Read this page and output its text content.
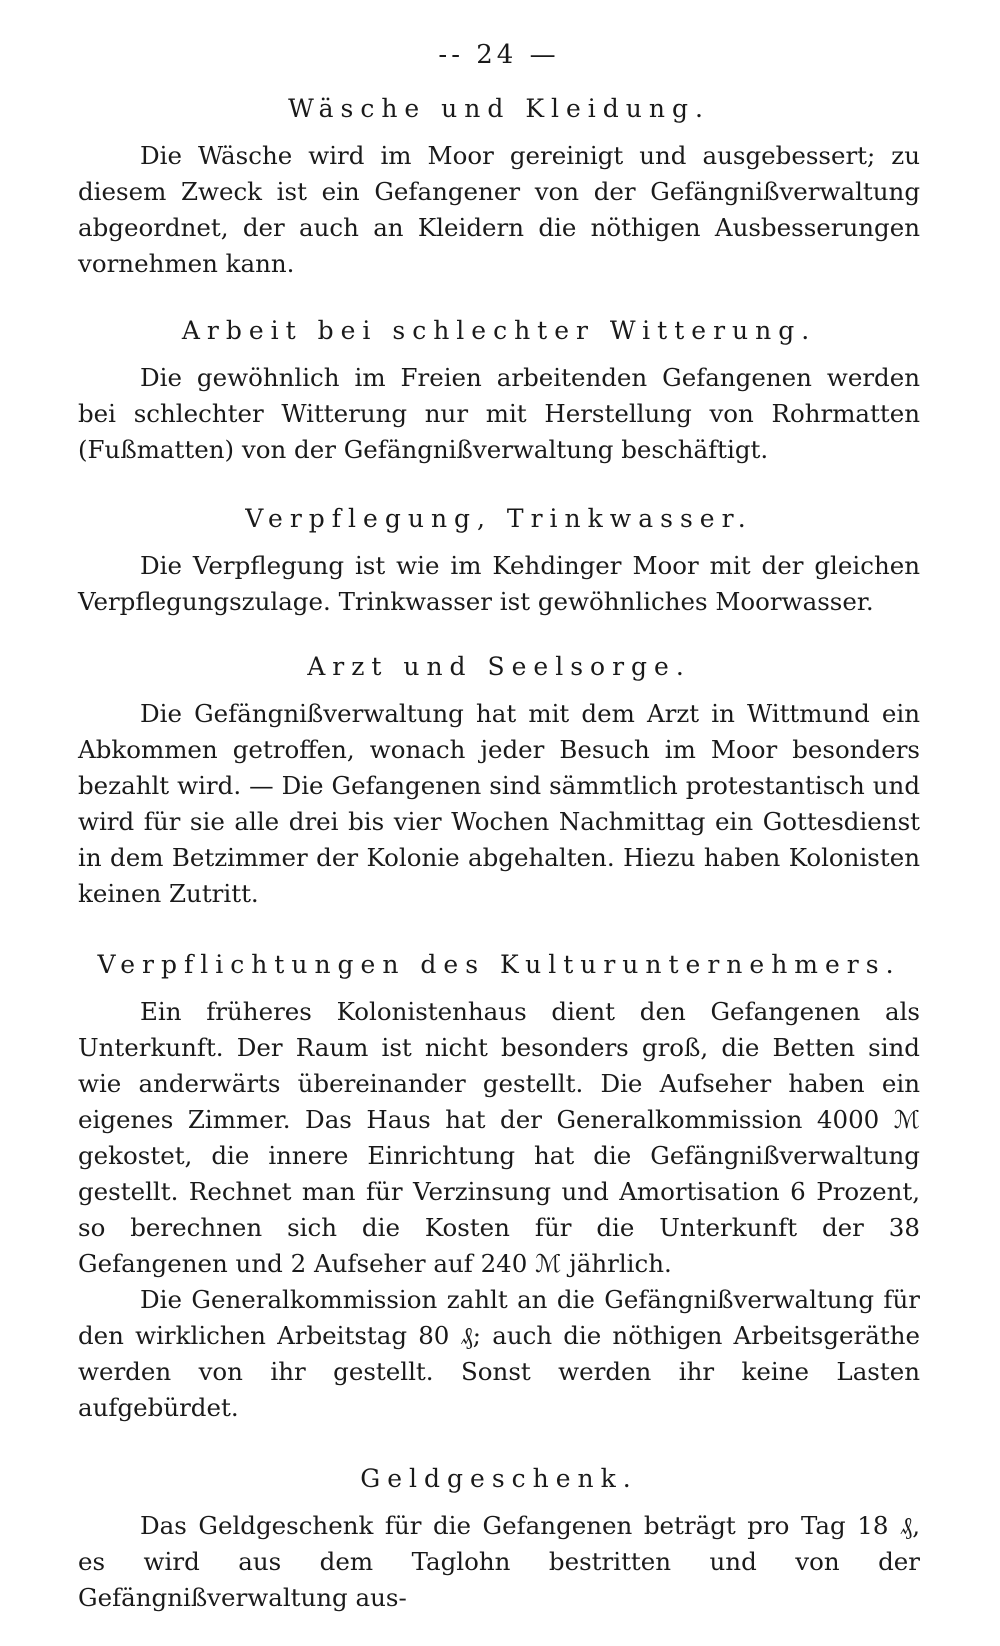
-- 24 —
Wäsche und Kleidung.

Die Wäsche wird im Moor gereinigt und ausgebessert; zu diesem Zweck ist ein Gefangener von der Gefängnißverwaltung abgeordnet, der auch an Kleidern die nöthigen Ausbesserungen vornehmen kann.

Arbeit bei schlechter Witterung.

Die gewöhnlich im Freien arbeitenden Gefangenen werden bei schlechter Witterung nur mit Herstellung von Rohrmatten (Fußmatten) von der Gefängnißverwaltung beschäftigt.

Verpflegung, Trinkwasser.

Die Verpflegung ist wie im Kehdinger Moor mit der gleichen Verpflegungszulage. Trinkwasser ist gewöhnliches Moorwasser.

Arzt und Seelsorge.

Die Gefängnißverwaltung hat mit dem Arzt in Wittmund ein Abkommen getroffen, wonach jeder Besuch im Moor besonders bezahlt wird. — Die Gefangenen sind sämmtlich protestantisch und wird für sie alle drei bis vier Wochen Nachmittag ein Gottesdienst in dem Betzimmer der Kolonie abgehalten. Hiezu haben Kolonisten keinen Zutritt.

Verpflichtungen des Kulturunternehmers.

Ein früheres Kolonistenhaus dient den Gefangenen als Unterkunft. Der Raum ist nicht besonders groß, die Betten sind wie anderwärts übereinander gestellt. Die Aufseher haben ein eigenes Zimmer. Das Haus hat der Generalkommission 4000 ℳ gekostet, die innere Einrichtung hat die Gefängnißverwaltung gestellt. Rechnet man für Verzinsung und Amortisation 6 Prozent, so berechnen sich die Kosten für die Unterkunft der 38 Gefangenen und 2 Aufseher auf 240 ℳ jährlich.

Die Generalkommission zahlt an die Gefängnißverwaltung für den wirklichen Arbeitstag 80 ₰; auch die nöthigen Arbeitsgeräthe werden von ihr gestellt. Sonst werden ihr keine Lasten aufgebürdet.

Geldgeschenk.

Das Geldgeschenk für die Gefangenen beträgt pro Tag 18 ₰, es wird aus dem Taglohn bestritten und von der Gefängnißverwaltung aus-
